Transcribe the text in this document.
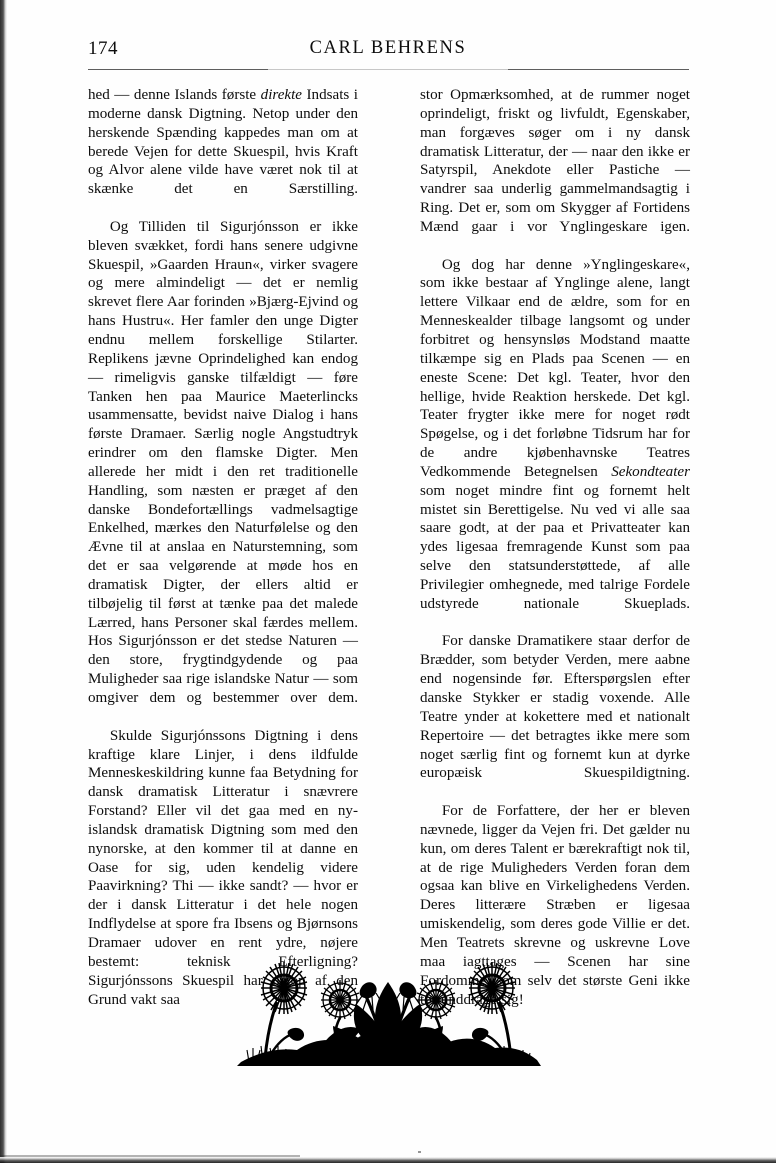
174	CARL BEHRENS

hed — denne Islands første direkte Indsats i moderne dansk Digtning. Netop under den herskende Spænding kappedes man om at berede Vejen for dette Skuespil, hvis Kraft og Alvor alene vilde have været nok til at skænke det en Særstilling.

Og Tilliden til Sigurjónsson er ikke bleven svækket, fordi hans senere udgivne Skuespil, »Gaarden Hraun«, virker svagere og mere almindeligt — det er nemlig skrevet flere Aar forinden »Bjærg-Ejvind og hans Hustru«. Her famler den unge Digter endnu mellem forskellige Stilarter. Replikens jævne Oprindelighed kan endog — rimeligvis ganske tilfældigt — føre Tanken hen paa Maurice Maeterlincks usammensatte, bevidst naive Dialog i hans første Dramaer. Særlig nogle Angstudtryk erindrer om den flamske Digter. Men allerede her midt i den ret traditionelle Handling, som næsten er præget af den danske Bondefortællings vadmelsagtige Enkelhed, mærkes den Naturfølelse og den Ævne til at anslaa en Naturstemning, som det er saa velgørende at møde hos en dramatisk Digter, der ellers altid er tilbøjelig til først at tænke paa det malede Lærred, hans Personer skal færdes mellem. Hos Sigurjónsson er det stedse Naturen — den store, frygtindgydende og paa Muligheder saa rige islandske Natur — som omgiver dem og bestemmer over dem.

Skulde Sigurjónssons Digtning i dens kraftige klare Linjer, i dens ildfulde Menneskeskildring kunne faa Betydning for dansk dramatisk Litteratur i snævrere Forstand? Eller vil det gaa med en ny-islandsk dramatisk Digtning som med den nynorske, at den kommer til at danne en Oase for sig, uden kendelig videre Paavirkning? Thi — ikke sandt? — hvor er der i dansk Litteratur i det hele nogen Indflydelse at spore fra Ibsens og Bjørnsons Dramaer udover en rent ydre, nøjere bestemt: teknisk Efterligning? Sigurjónssons Skuespil har netop af den Grund vakt saa

stor Opmærksomhed, at de rummer noget oprindeligt, friskt og livfuldt, Egenskaber, man forgæves søger om i ny dansk dramatisk Litteratur, der — naar den ikke er Satyrspil, Anekdote eller Pastiche — vandrer saa underlig gammelmandsagtig i Ring. Det er, som om Skygger af Fortidens Mænd gaar i vor Ynglingeskare igen.

Og dog har denne »Ynglingeskare«, som ikke bestaar af Ynglinge alene, langt lettere Vilkaar end de ældre, som for en Menneskealder tilbage langsomt og under forbitret og hensynsløs Modstand maatte tilkæmpe sig en Plads paa Scenen — en eneste Scene: Det kgl. Teater, hvor den hellige, hvide Reaktion herskede. Det kgl. Teater frygter ikke mere for noget rødt Spøgelse, og i det forløbne Tidsrum har for de andre kjøbenhavnske Teatres Vedkommende Betegnelsen Sekondteater som noget mindre fint og fornemt helt mistet sin Berettigelse. Nu ved vi alle saa saare godt, at der paa et Privatteater kan ydes ligesaa fremragende Kunst som paa selve den statsunderstøttede, af alle Privilegier omhegnede, med talrige Fordele udstyrede nationale Skueplads.

For danske Dramatikere staar derfor de Brædder, som betyder Verden, mere aabne end nogensinde før. Efterspørgslen efter danske Stykker er stadig voxende. Alle Teatre ynder at kokettere med et nationalt Repertoire — det betragtes ikke mere som noget særlig fint og fornemt kun at dyrke europæisk Skuespildigtning.

For de Forfattere, der her er bleven nævnede, ligger da Vejen fri. Det gælder nu kun, om deres Talent er bærekraftigt nok til, at de rige Muligheders Verden foran dem ogsaa kan blive en Virkelighedens Verden. Deres litterære Stræben er ligesaa umiskendelig, som deres gode Villie er det. Men Teatrets skrevne og uskrevne Love maa iagttages — Scenen har sine Fordomme, som selv det største Geni ikke tør unddrage sig!
